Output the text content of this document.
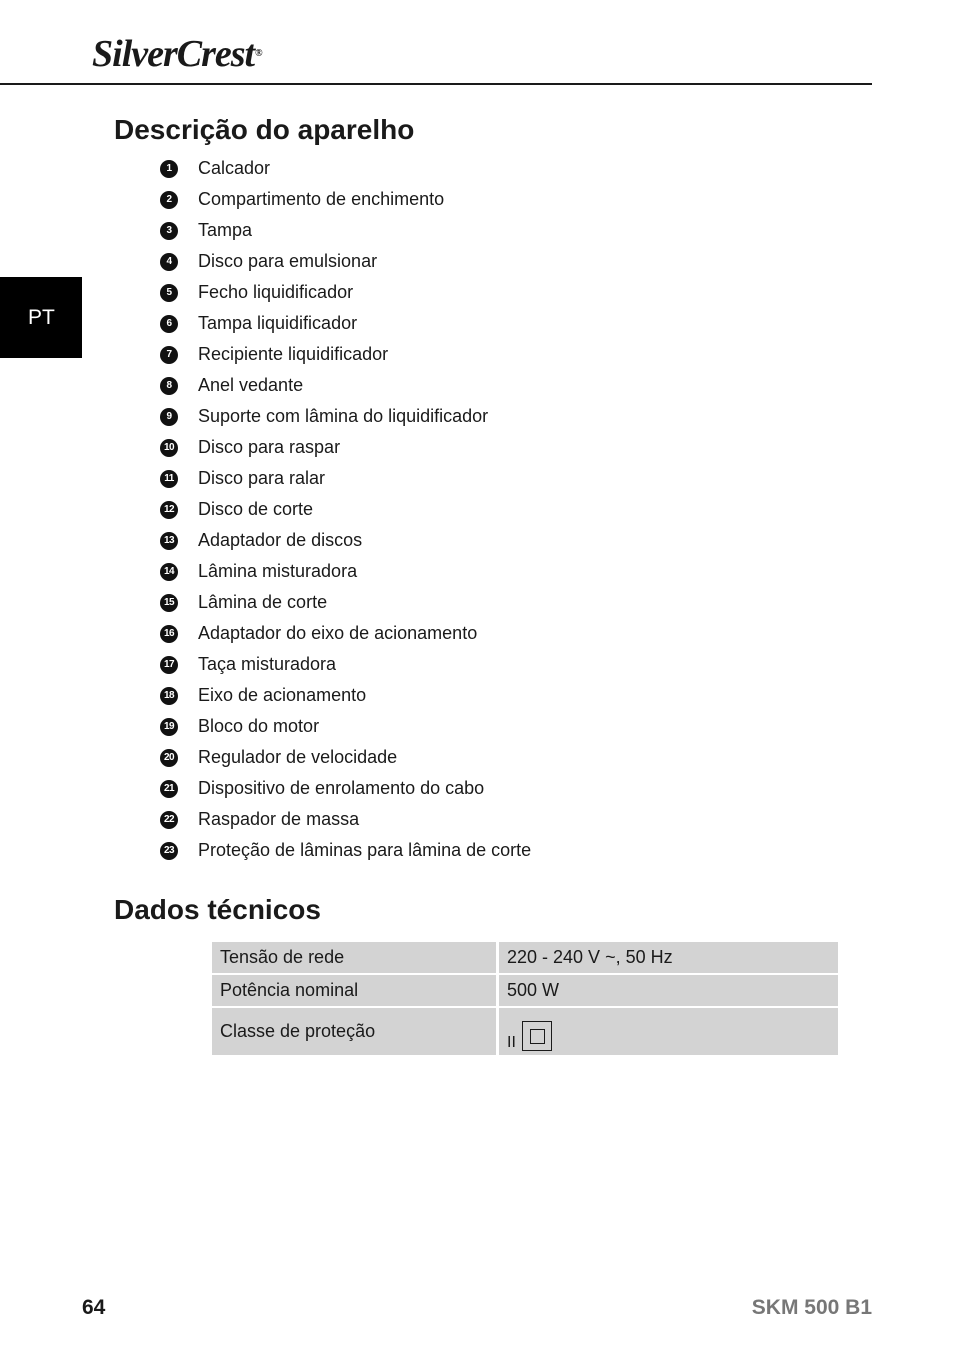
SilverCrest®
PT
Descrição do aparelho
1	Calcador
2	Compartimento de enchimento
3	Tampa
4	Disco para emulsionar
5	Fecho liquidificador
6	Tampa liquidificador
7	Recipiente liquidificador
8	Anel vedante
9	Suporte com lâmina do liquidificador
10 Disco para raspar
11 Disco para ralar
12 Disco de corte
13 Adaptador de discos
14 Lâmina misturadora
15 Lâmina de corte
16 Adaptador do eixo de acionamento
17 Taça misturadora
18 Eixo de acionamento
19 Bloco do motor
20 Regulador de velocidade
21 Dispositivo de enrolamento do cabo
22 Raspador de massa
23 Proteção de lâminas para lâmina de corte
Dados técnicos
Tensão de rede	220 - 240 V ~, 50 Hz
Potência nominal	500 W
Classe de proteção	II
64	SKM 500 B1
